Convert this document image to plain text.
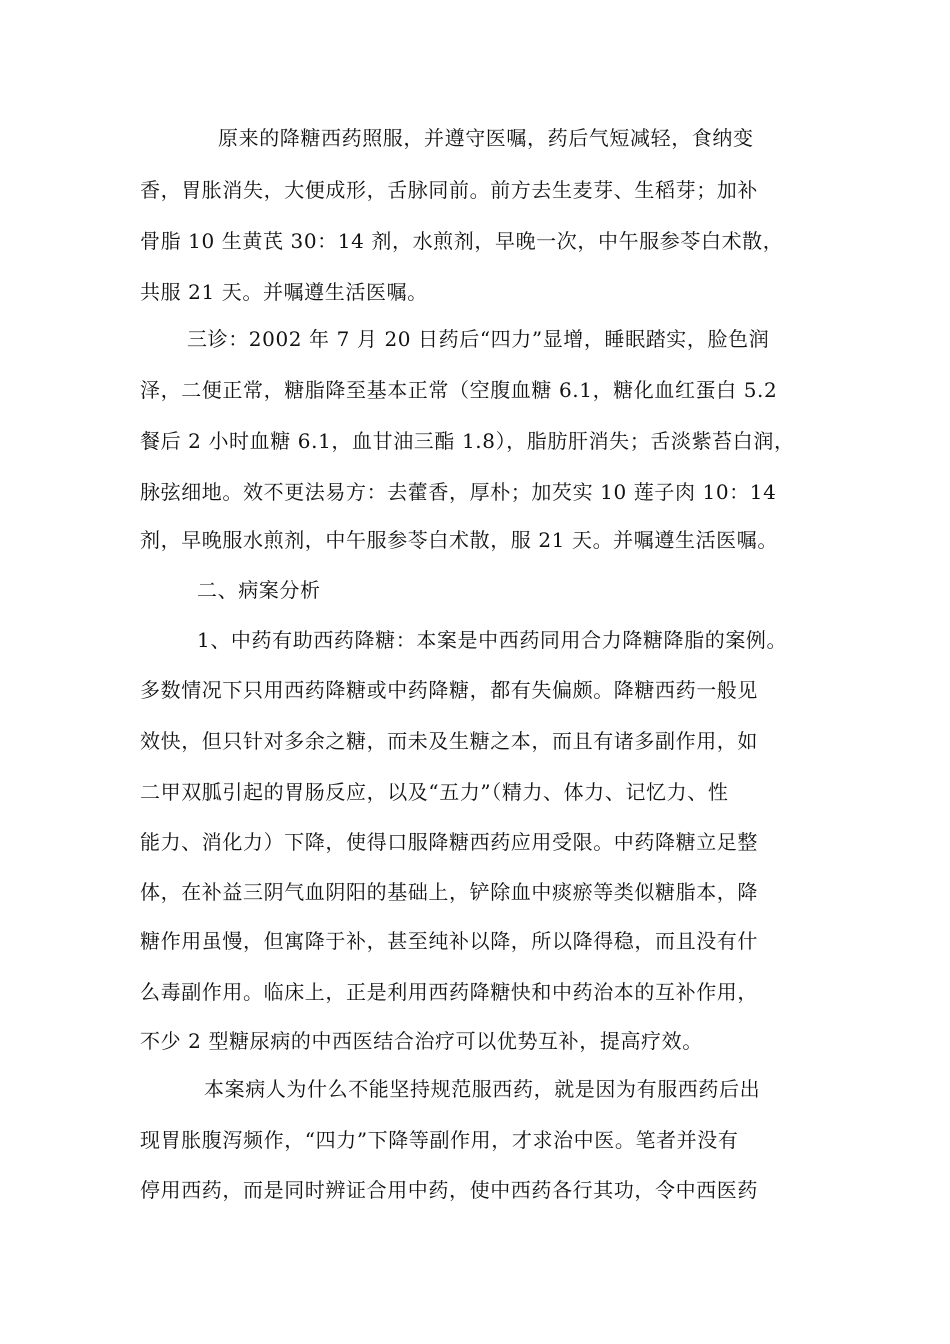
原来的降糖西药照服，并遵守医嘱，药后气短减轻，食纳变
香，胃胀消失，大便成形，舌脉同前。前方去生麦芽、生稻芽；加补
骨脂 10 生黄芪 30：14 剂，水煎剂，早晚一次，中午服参苓白术散，
共服 21 天。并嘱遵生活医嘱。
三诊：2002 年 7 月 20 日药后“四力”显增，睡眠踏实，脸色润
泽，二便正常，糖脂降至基本正常（空腹血糖 6.1，糖化血红蛋白 5.2
餐后 2 小时血糖 6.1，血甘油三酯 1.8），脂肪肝消失；舌淡紫苔白润，
脉弦细地。效不更法易方：去藿香，厚朴；加芡实 10 莲子肉 10：14
剂，早晚服水煎剂，中午服参苓白术散，服 21 天。并嘱遵生活医嘱。
二、病案分析
1、中药有助西药降糖：本案是中西药同用合力降糖降脂的案例。
多数情况下只用西药降糖或中药降糖，都有失偏颇。降糖西药一般见
效快，但只针对多余之糖，而未及生糖之本，而且有诸多副作用，如
二甲双胍引起的胃肠反应，以及“五力”（精力、体力、记忆力、性
能力、消化力）下降，使得口服降糖西药应用受限。中药降糖立足整
体，在补益三阴气血阴阳的基础上，铲除血中痰瘀等类似糖脂本，降
糖作用虽慢，但寓降于补，甚至纯补以降，所以降得稳，而且没有什
么毒副作用。临床上，正是利用西药降糖快和中药治本的互补作用，
不少 2 型糖尿病的中西医结合治疗可以优势互补，提高疗效。
本案病人为什么不能坚持规范服西药，就是因为有服西药后出
现胃胀腹泻频作，“四力”下降等副作用，才求治中医。笔者并没有
停用西药，而是同时辨证合用中药，使中西药各行其功，令中西医药
